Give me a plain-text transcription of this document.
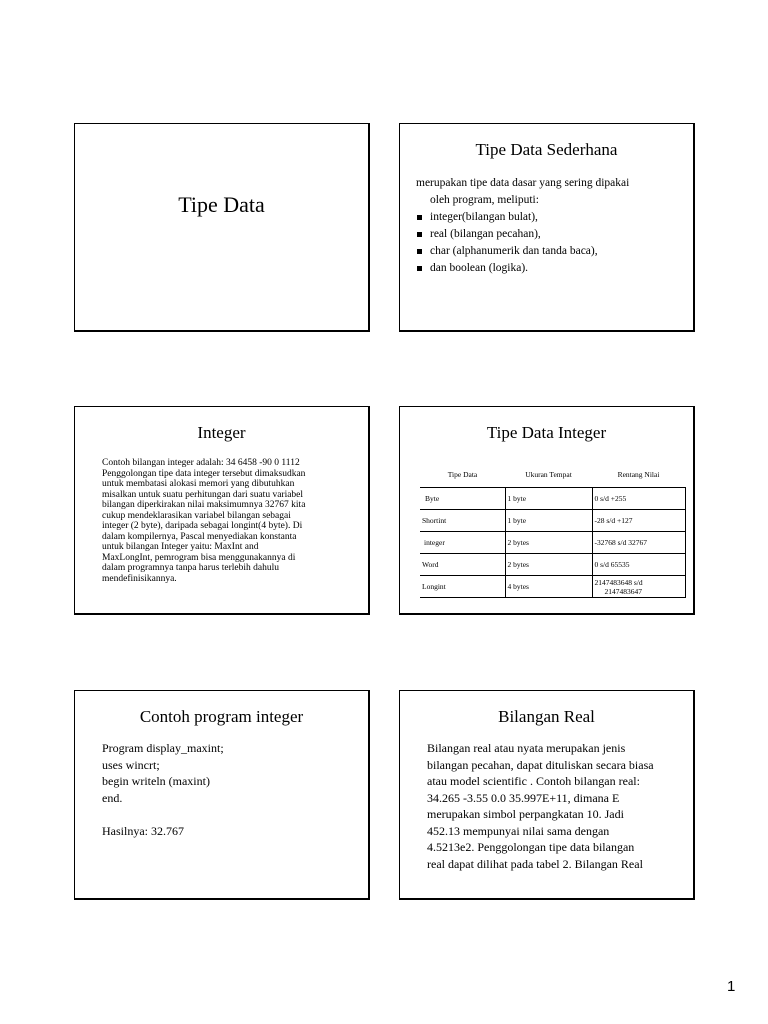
Tipe Data
Tipe Data Sederhana
merupakan tipe data dasar yang sering dipakai
oleh program, meliputi:
integer(bilangan bulat),
real (bilangan pecahan),
char (alphanumerik dan tanda baca),
dan boolean (logika).
Integer
Contoh bilangan integer adalah: 34 6458 -90 0 1112
Penggolongan tipe data integer tersebut dimaksudkan
untuk membatasi alokasi memori yang dibutuhkan
misalkan untuk suatu perhitungan dari suatu variabel
bilangan diperkirakan nilai maksimumnya 32767 kita
cukup mendeklarasikan variabel bilangan sebagai
integer (2 byte), daripada sebagai longint(4 byte). Di
dalam kompilernya, Pascal menyediakan konstanta
untuk bilangan Integer yaitu: MaxInt and
MaxLongInt, pemrogram bisa menggunakannya di
dalam programnya tanpa harus terlebih dahulu
mendefinisikannya.
Tipe Data Integer
Tipe Data	Ukuran Tempat	Rentang Nilai
Byte	1 byte	0 s/d +255
Shortint	1 byte	-28 s/d +127
integer	2 bytes	-32768 s/d 32767
Word	2 bytes	0 s/d 65535
Longint	4 bytes	2147483648 s/d
2147483647
Contoh program integer
Program display_maxint;
uses wincrt;
begin writeln (maxint)
end.
Hasilnya: 32.767
Bilangan Real
Bilangan real atau nyata merupakan jenis
bilangan pecahan, dapat dituliskan secara biasa
atau model scientific . Contoh bilangan real:
34.265 -3.55 0.0 35.997E+11, dimana E
merupakan simbol perpangkatan 10. Jadi
452.13 mempunyai nilai sama dengan
4.5213e2. Penggolongan tipe data bilangan
real dapat dilihat pada tabel 2. Bilangan Real
1
